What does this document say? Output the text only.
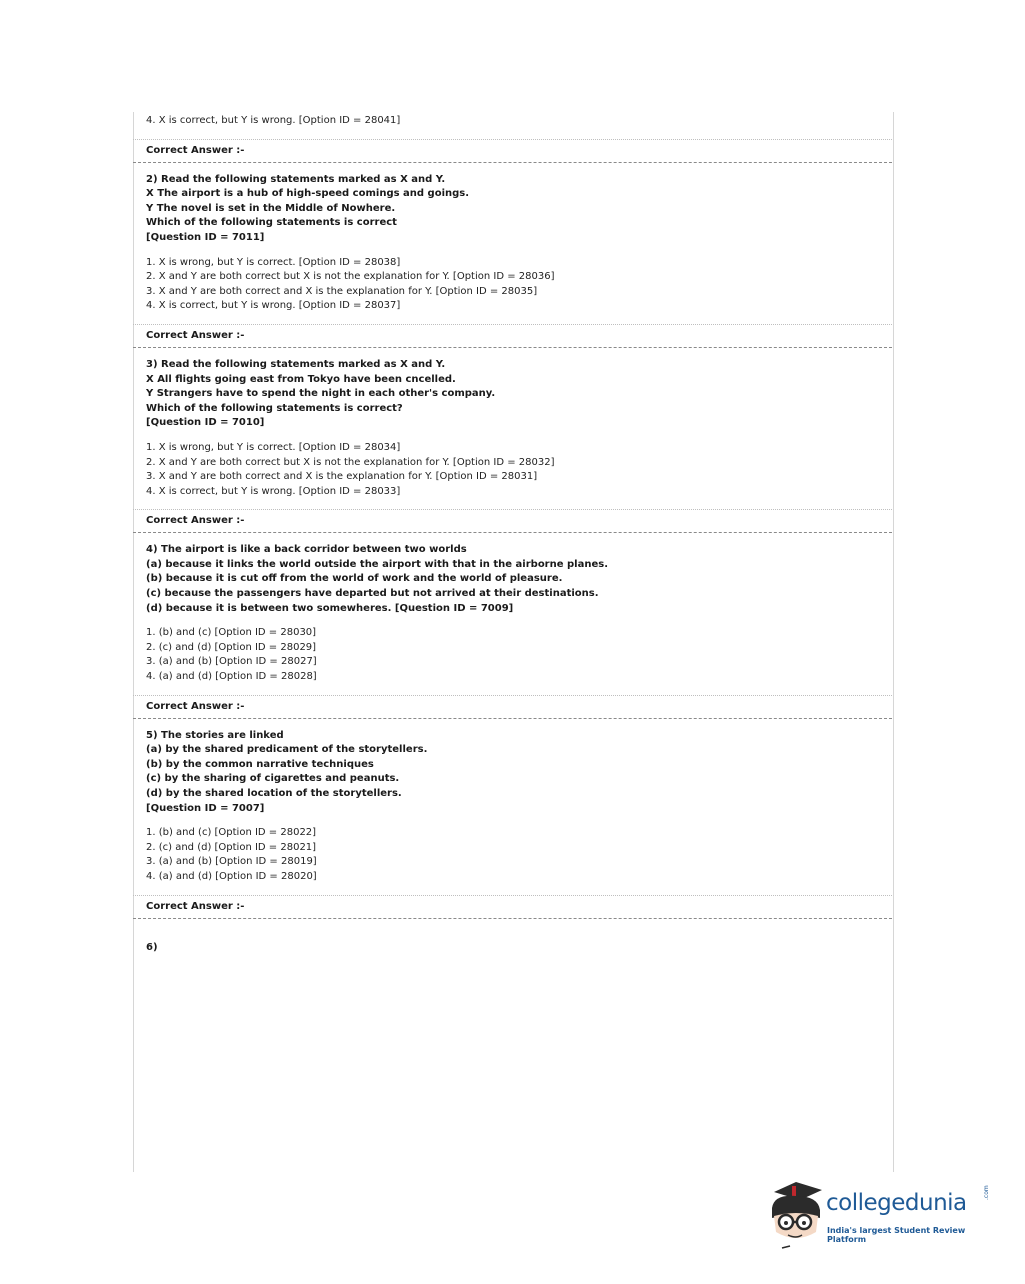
4. X is correct, but Y is wrong. [Option ID = 28041]
Correct Answer :-
2) Read the following statements marked as X and Y.
X The airport is a hub of high-speed comings and goings.
Y The novel is set in the Middle of Nowhere.
Which of the following statements is correct
[Question ID = 7011]
1. X is wrong, but Y is correct. [Option ID = 28038]
2. X and Y are both correct but X is not the explanation for Y. [Option ID = 28036]
3. X and Y are both correct and X is the explanation for Y. [Option ID = 28035]
4. X is correct, but Y is wrong. [Option ID = 28037]
Correct Answer :-
3) Read the following statements marked as X and Y.
X All flights going east from Tokyo have been cncelled.
Y Strangers have to spend the night in each other's company.
Which of the following statements is correct?
[Question ID = 7010]
1. X is wrong, but Y is correct. [Option ID = 28034]
2. X and Y are both correct but X is not the explanation for Y. [Option ID = 28032]
3. X and Y are both correct and X is the explanation for Y. [Option ID = 28031]
4. X is correct, but Y is wrong. [Option ID = 28033]
Correct Answer :-
4) The airport is like a back corridor between two worlds
(a) because it links the world outside the airport with that in the airborne planes.
(b) because it is cut off from the world of work and the world of pleasure.
(c) because the passengers have departed but not arrived at their destinations.
(d) because it is between two somewheres. [Question ID = 7009]
1. (b) and (c) [Option ID = 28030]
2. (c) and (d) [Option ID = 28029]
3. (a) and (b) [Option ID = 28027]
4. (a) and (d) [Option ID = 28028]
Correct Answer :-
5) The stories are linked
(a) by the shared predicament of the storytellers.
(b) by the common narrative techniques
(c) by the sharing of cigarettes and peanuts.
(d) by the shared location of the storytellers.
[Question ID = 7007]
1. (b) and (c) [Option ID = 28022]
2. (c) and (d) [Option ID = 28021]
3. (a) and (b) [Option ID = 28019]
4. (a) and (d) [Option ID = 28020]
Correct Answer :-
6)
collegedunia	.com
India's largest Student Review Platform
